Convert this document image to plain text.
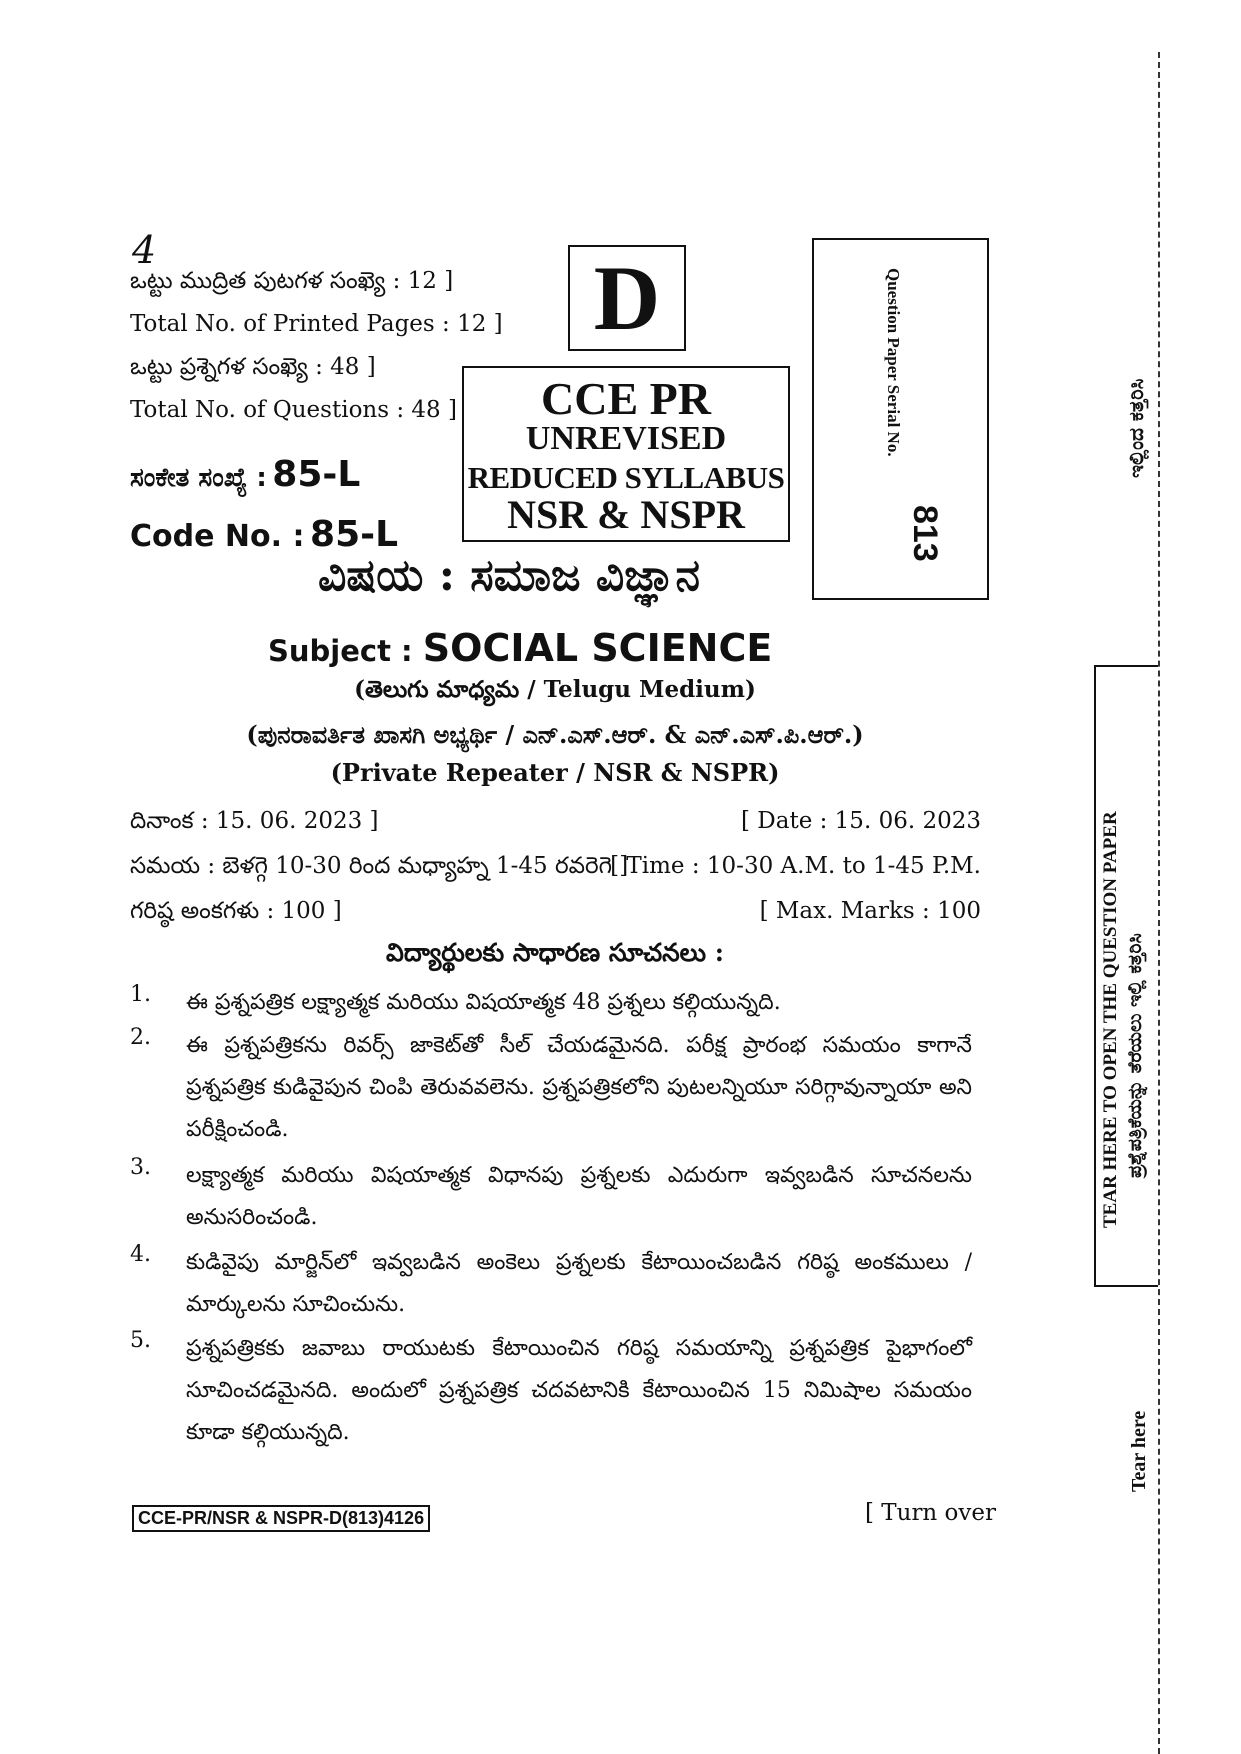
4
ఒట్టు ముద్రిత పుటగళ సంఖ్యె : 12 ]
Total No. of Printed Pages : 12 ]
ఒట్టు ప్రశ్నెగళ సంఖ్యె : 48 ]
Total No. of Questions : 48 ]
ಸಂಕೇತ ಸಂಖ್ಯೆ : 85-L
Code No. : 85-L
D
CCE PR
UNREVISED
REDUCED SYLLABUS
NSR & NSPR
Question Paper Serial No.
813
ವಿಷಯ : ಸಮಾಜ ವಿಜ್ಞಾನ
Subject : SOCIAL SCIENCE
(తెలుగు మాధ్యమ / Telugu Medium)
(ಪುನರಾವರ್ತಿತ ಖಾಸಗಿ ಅಭ್ಯರ್ಥಿ / ಎನ್.ಎಸ್.ಆರ್. & ಎನ್.ಎಸ್.ಪಿ.ಆರ್.)
(Private Repeater / NSR & NSPR)
దినాంక : 15. 06. 2023 ]	[ Date : 15. 06. 2023
సమయ : బెళగ్గె 10-30 రింద మధ్యాహ్న 1-45 రవరెగె ]
[ Time : 10-30 A.M. to 1-45 P.M.
గరిష్ఠ అంకగళు : 100 ]	[ Max. Marks : 100
విద్యార్థులకు సాధారణ సూచనలు :
1. ఈ ప్రశ్నపత్రిక లక్ష్యాత్మక మరియు విషయాత్మక 48 ప్రశ్నలు కల్గియున్నది.
2. ఈ ప్రశ్నపత్రికను రివర్స్ జాకెట్‌తో సీల్ చేయడమైనది. పరీక్ష ప్రారంభ సమయం కాగానే ప్రశ్నపత్రిక కుడివైపున చింపి తెరువవలెను. ప్రశ్నపత్రికలోని పుటలన్నియూ సరిగ్గావున్నాయా అని పరీక్షించండి.
3. లక్ష్యాత్మక మరియు విషయాత్మక విధానపు ప్రశ్నలకు ఎదురుగా ఇవ్వబడిన సూచనలను అనుసరించండి.
4. కుడివైపు మార్జిన్‌లో ఇవ్వబడిన అంకెలు ప్రశ్నలకు కేటాయించబడిన గరిష్ఠ అంకములు / మార్కులను సూచించును.
5. ప్రశ్నపత్రికకు జవాబు రాయుటకు కేటాయించిన గరిష్ఠ సమయాన్ని ప్రశ్నపత్రిక పైభాగంలో సూచించడమైనది. అందులో ప్రశ్నపత్రిక చదవటానికి కేటాయించిన 15 నిమిషాల సమయం కూడా కల్గియున్నది.
CCE-PR/NSR & NSPR-D(813)4126	[ Turn over
TEAR HERE TO OPEN THE QUESTION PAPER ಪ್ರಶ್ನೆಪತ್ರಿಕೆಯನ್ನು ತೆರೆಯಲು ಇಲ್ಲಿ ಕತ್ತರಿಸಿ
Tear here
ಇಲ್ಲಿಂದ ಕತ್ತರಿಸಿ
